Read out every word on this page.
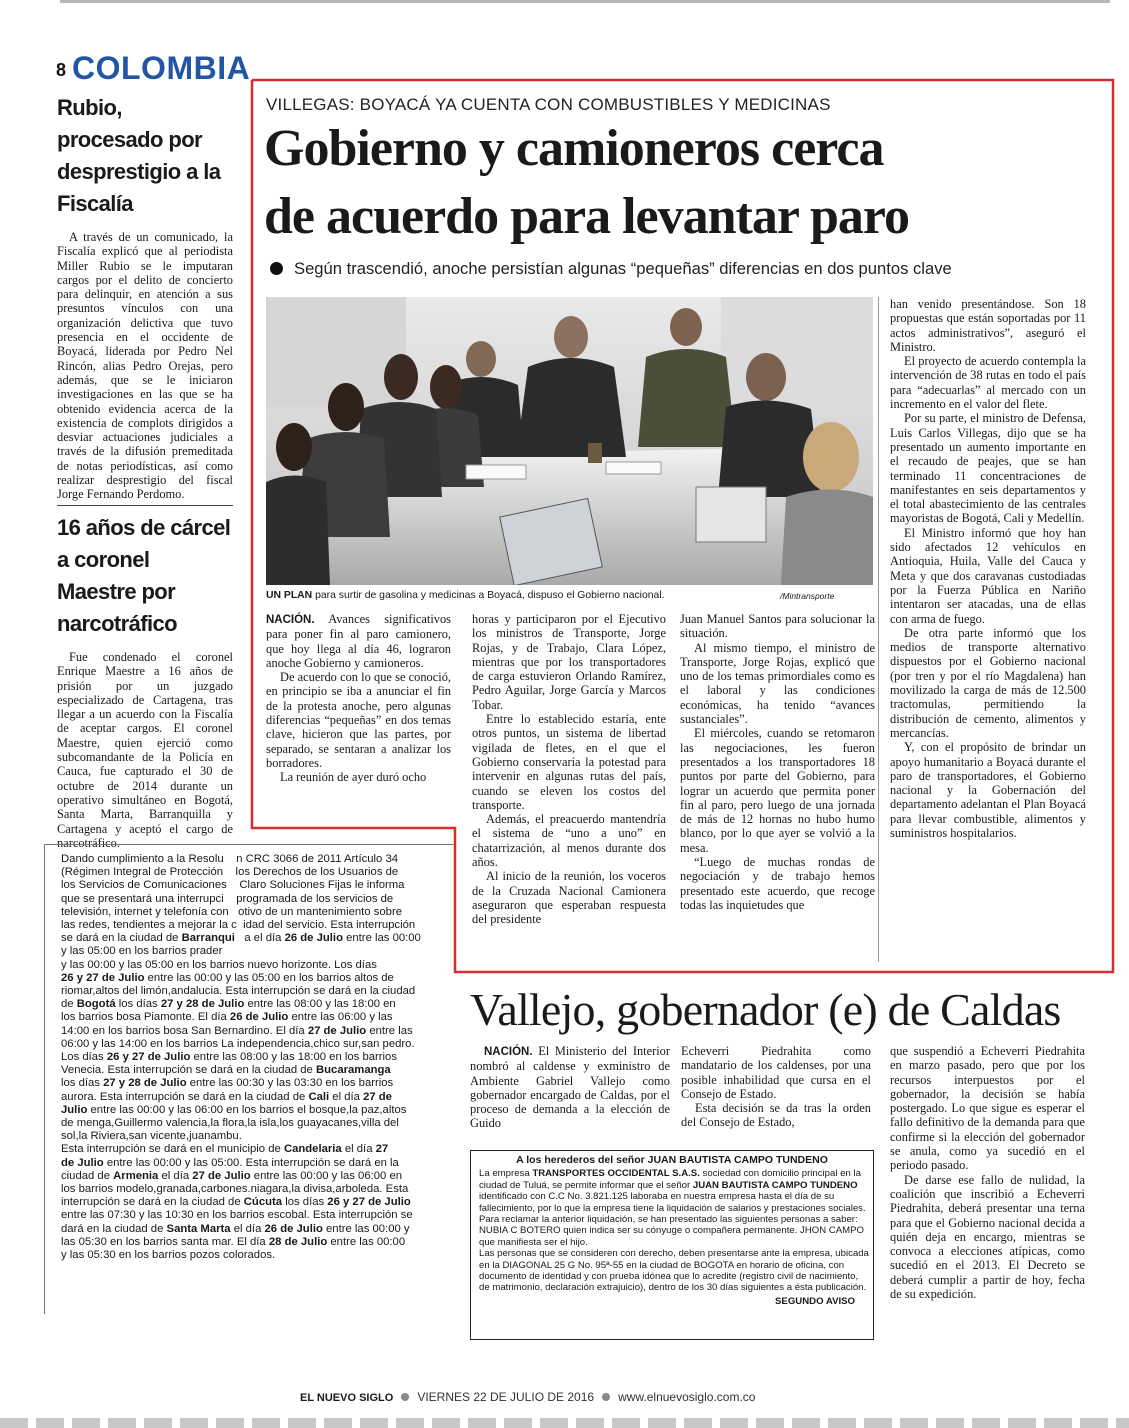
8 COLOMBIA
Rubio, procesado por desprestigio a la Fiscalía
A través de un comunicado, la Fiscalía explicó que al periodista Miller Rubio se le imputaran cargos por el delito de concierto para delinquir, en atención a sus presuntos vínculos con una organización delictiva que tuvo presencia en el occidente de Boyacá, liderada por Pedro Nel Rincón, alias Pedro Orejas, pero además, que se le iniciaron investigaciones en las que se ha obtenido evidencia acerca de la existencia de complots dirigidos a desviar actuaciones judiciales a través de la difusión premeditada de notas periodísticas, así como realizar desprestigio del fiscal Jorge Fernando Perdomo.
16 años de cárcel a coronel Maestre por narcotráfico
Fue condenado el coronel Enrique Maestre a 16 años de prisión por un juzgado especializado de Cartagena, tras llegar a un acuerdo con la Fiscalía de aceptar cargos. El coronel Maestre, quien ejerció como subcomandante de la Policía en Cauca, fue capturado el 30 de octubre de 2014 durante un operativo simultáneo en Bogotá, Santa Marta, Barranquilla y Cartagena y aceptó el cargo de narcotráfico.
VILLEGAS: BOYACÁ YA CUENTA CON COMBUSTIBLES Y MEDICINAS
Gobierno y camioneros cerca
de acuerdo para levantar paro
Según trascendió, anoche persistían algunas “pequeñas” diferencias en dos puntos clave
/Mintransporte
UN PLAN para surtir de gasolina y medicinas a Boyacá, dispuso el Gobierno nacional.

NACIÓN. Avances significativos para poner fin al paro camionero, que hoy llega al día 46, lograron anoche Gobierno y camioneros.

De acuerdo con lo que se conoció, en principio se iba a anunciar el fin de la protesta anoche, pero algunas diferencias “pequeñas” en dos temas clave, hicieron que las partes, por separado, se sentaran a analizar los borradores.

La reunión de ayer duró ocho

horas y participaron por el Ejecutivo los ministros de Transporte, Jorge Rojas, y de Trabajo, Clara López, mientras que por los transportadores de carga estuvieron Orlando Ramírez, Pedro Aguilar, Jorge García y Marcos Tobar.

Entre lo establecido estaría, ente otros puntos, un sistema de libertad vigilada de fletes, en el que el Gobierno conservaría la potestad para intervenir en algunas rutas del país, cuando se eleven los costos del transporte.

Además, el preacuerdo mantendría el sistema de “uno a uno” en chatarrización, al menos durante dos años.

Al inicio de la reunión, los voceros de la Cruzada Nacional Camionera aseguraron que esperaban respuesta del presidente

Juan Manuel Santos para solucionar la situación.

Al mismo tiempo, el ministro de Transporte, Jorge Rojas, explicó que uno de los temas primordiales como es el laboral y las condiciones económicas, ha tenido “avances sustanciales”.

El miércoles, cuando se retomaron las negociaciones, les fueron presentados a los transportadores 18 puntos por parte del Gobierno, para lograr un acuerdo que permita poner fin al paro, pero luego de una jornada de más de 12 hornas no hubo humo blanco, por lo que ayer se volvió a la mesa.

“Luego de muchas rondas de negociación y de trabajo hemos presentado este acuerdo, que recoge todas las inquietudes que

han venido presentándose. Son 18 propuestas que están soportadas por 11 actos administrativos”, aseguró el Ministro.

El proyecto de acuerdo contempla la intervención de 38 rutas en todo el país para “adecuarlas” al mercado con un incremento en el valor del flete.

Por su parte, el ministro de Defensa, Luis Carlos Villegas, dijo que se ha presentado un aumento importante en el recaudo de peajes, que se han terminado 11 concentraciones de manifestantes en seis departamentos y el total abastecimiento de las centrales mayoristas de Bogotá, Cali y Medellín.

El Ministro informó que hoy han sido afectados 12 vehículos en Antioquia, Huila, Valle del Cauca y Meta y que dos caravanas custodiadas por la Fuerza Pública en Nariño intentaron ser atacadas, una de ellas con arma de fuego.

De otra parte informó que los medios de transporte alternativo dispuestos por el Gobierno nacional (por tren y por el río Magdalena) han movilizado la carga de más de 12.500 tractomulas, permitiendo la distribución de cemento, alimentos y mercancías.

Y, con el propósito de brindar un apoyo humanitario a Boyacá durante el paro de transportadores, el Gobierno nacional y la Gobernación del departamento adelantan el Plan Boyacá para llevar combustible, alimentos y suministros hospitalarios.

Dando cumplimiento a la Resolu    n CRC 3066 de 2011 Artículo 34
(Régimen Integral de Protección    los Derechos de los Usuarios de
los Servicios de Comunicaciones    Claro Soluciones Fijas le informa
que se presentará una interrupci    programada de los servicios de
televisión, internet y telefonía con   otivo de un mantenimiento sobre
las redes, tendientes a mejorar la c  idad del servicio. Esta interrupción
se dará en la ciudad de Barranqui   a el día 26 de Julio entre las 00:00
y las 05:00 en los barrios prader
y las 00:00 y las 05:00 en los barrios nuevo horizonte. Los días
26 y 27 de Julio entre las 00:00 y las 05:00 en los barrios altos de
riomar,altos del limón,andalucia. Esta interrupción se dará en la ciudad
de Bogotá los días 27 y 28 de Julio entre las 08:00 y las 18:00 en
los barrios bosa Piamonte. El día 26 de Julio entre las 06:00 y las
14:00 en los barrios bosa San Bernardino. El día 27 de Julio entre las
06:00 y las 14:00 en los barrios La independencia,chico sur,san pedro.
Los días 26 y 27 de Julio entre las 08:00 y las 18:00 en los barrios
Venecia. Esta interrupción se dará en la ciudad de Bucaramanga
los días 27 y 28 de Julio entre las 00:30 y las 03:30 en los barrios
aurora. Esta interrupción se dará en la ciudad de Cali el día 27 de
Julio entre las 00:00 y las 06:00 en los barrios el bosque,la paz,altos
de menga,Guillermo valencia,la flora,la isla,los guayacanes,villa del
sol,la Riviera,san vicente,juanambu.
Esta interrupción se dará en el municipio de Candelaria el día 27
de Julio entre las 00:00 y las 05:00. Esta interrupción se dará en la
ciudad de Armenia el día 27 de Julio entre las 00:00 y las 06:00 en
los barrios modelo,granada,carbones.niagara,la divisa,arboleda. Esta
interrupción se dará en la ciudad de Cúcuta los días 26 y 27 de Julio
entre las 07:30 y las 10:30 en los barrios escobal. Esta interrupción se
dará en la ciudad de Santa Marta el día 26 de Julio entre las 00:00 y
las 05:30 en los barrios santa mar. El día 28 de Julio entre las 00:00
y las 05:30 en los barrios pozos colorados.
Vallejo, gobernador (e) de Caldas

NACIÓN. El Ministerio del Interior nombró al caldense y exministro de Ambiente Gabriel Vallejo como gobernador encargado de Caldas, por el proceso de demanda a la elección de Guido

Echeverri Piedrahita como mandatario de los caldenses, por una posible inhabilidad que cursa en el Consejo de Estado.

Esta decisión se da tras la orden del Consejo de Estado,

que suspendió a Echeverri Piedrahita en marzo pasado, pero que por los recursos interpuestos por el gobernador, la decisión se había postergado. Lo que sigue es esperar el fallo definitivo de la demanda para que confirme si la elección del gobernador se anula, como ya sucedió en el periodo pasado.

De darse ese fallo de nulidad, la coalición que inscribió a Echeverri Piedrahita, deberá presentar una terna para que el Gobierno nacional decida a quién deja en encargo, mientras se convoca a elecciones atípicas, como sucedió en el 2013. El Decreto se deberá cumplir a partir de hoy, fecha de su expedición.

A los herederos del señor JUAN BAUTISTA CAMPO TUNDENO
La empresa TRANSPORTES OCCIDENTAL S.A.S. sociedad con domicilio principal en la
ciudad de Tuluá, se permite informar que el señor JUAN BAUTISTA CAMPO TUNDENO
identificado con C.C No. 3.821.125 laboraba en nuestra empresa hasta el día de su
fallecimiento, por lo que la empresa tiene la liquidación de salarios y prestaciones sociales.
Para reclamar la anterior liquidación, se han presentado las siguientes personas a saber:
NUBIA C BOTERO quien indica ser su cónyuge o compañera permanente. JHON CAMPO
que manifiesta ser el hijo.
Las personas que se consideren con derecho, deben presentarse ante la empresa, ubicada
en la DIAGONAL 25 G No. 95ª-55 en la ciudad de BOGOTA en horario de oficina, con
documento de identidad y con prueba idónea que lo acredite (registro civil de nacimiento,
de matrimonio, declaración extrajuicio), dentro de los 30 días siguientes a ésta publicación.
SEGUNDO AVISO
EL NUEVO SIGLO VIERNES 22 DE JULIO DE 2016 www.elnuevosiglo.com.co
